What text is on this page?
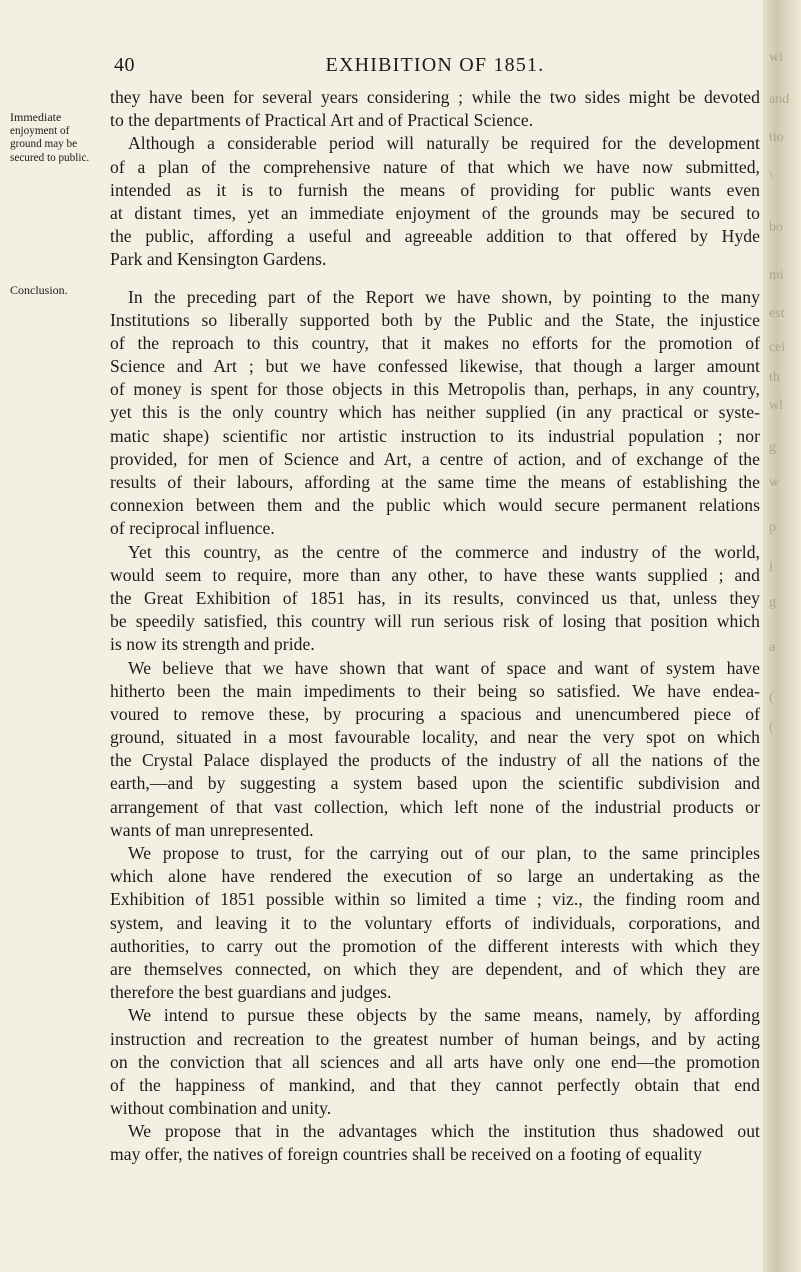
wi
and
tio
\
bo
mi
est
cei
th
wl
g
w
p
l
g
a
(
(
40	EXHIBITION OF 1851.
Immediate
enjoyment of
ground may be
secured to public.
Conclusion.
they have been for several years considering ; while the two sides might be devoted
to the departments of Practical Art and of Practical Science.
Although a considerable period will naturally be required for the development
of a plan of the comprehensive nature of that which we have now submitted,
intended as it is to furnish the means of providing for public wants even
at distant times, yet an immediate enjoyment of the grounds may be secured to
the public, affording a useful and agreeable addition to that offered by Hyde
Park and Kensington Gardens.
In the preceding part of the Report we have shown, by pointing to the many
Institutions so liberally supported both by the Public and the State, the injustice
of the reproach to this country, that it makes no efforts for the promotion of
Science and Art ; but we have confessed likewise, that though a larger amount
of money is spent for those objects in this Metropolis than, perhaps, in any country,
yet this is the only country which has neither supplied (in any practical or syste-
matic shape) scientific nor artistic instruction to its industrial population ; nor
provided, for men of Science and Art, a centre of action, and of exchange of the
results of their labours, affording at the same time the means of establishing the
connexion between them and the public which would secure permanent relations
of reciprocal influence.
Yet this country, as the centre of the commerce and industry of the world,
would seem to require, more than any other, to have these wants supplied ; and
the Great Exhibition of 1851 has, in its results, convinced us that, unless they
be speedily satisfied, this country will run serious risk of losing that position which
is now its strength and pride.
We believe that we have shown that want of space and want of system have
hitherto been the main impediments to their being so satisfied. We have endea-
voured to remove these, by procuring a spacious and unencumbered piece of
ground, situated in a most favourable locality, and near the very spot on which
the Crystal Palace displayed the products of the industry of all the nations of the
earth,—and by suggesting a system based upon the scientific subdivision and
arrangement of that vast collection, which left none of the industrial products or
wants of man unrepresented.
We propose to trust, for the carrying out of our plan, to the same principles
which alone have rendered the execution of so large an undertaking as the
Exhibition of 1851 possible within so limited a time ; viz., the finding room and
system, and leaving it to the voluntary efforts of individuals, corporations, and
authorities, to carry out the promotion of the different interests with which they
are themselves connected, on which they are dependent, and of which they are
therefore the best guardians and judges.
We intend to pursue these objects by the same means, namely, by affording
instruction and recreation to the greatest number of human beings, and by acting
on the conviction that all sciences and all arts have only one end—the promotion
of the happiness of mankind, and that they cannot perfectly obtain that end
without combination and unity.
We propose that in the advantages which the institution thus shadowed out
may offer, the natives of foreign countries shall be received on a footing of equality
